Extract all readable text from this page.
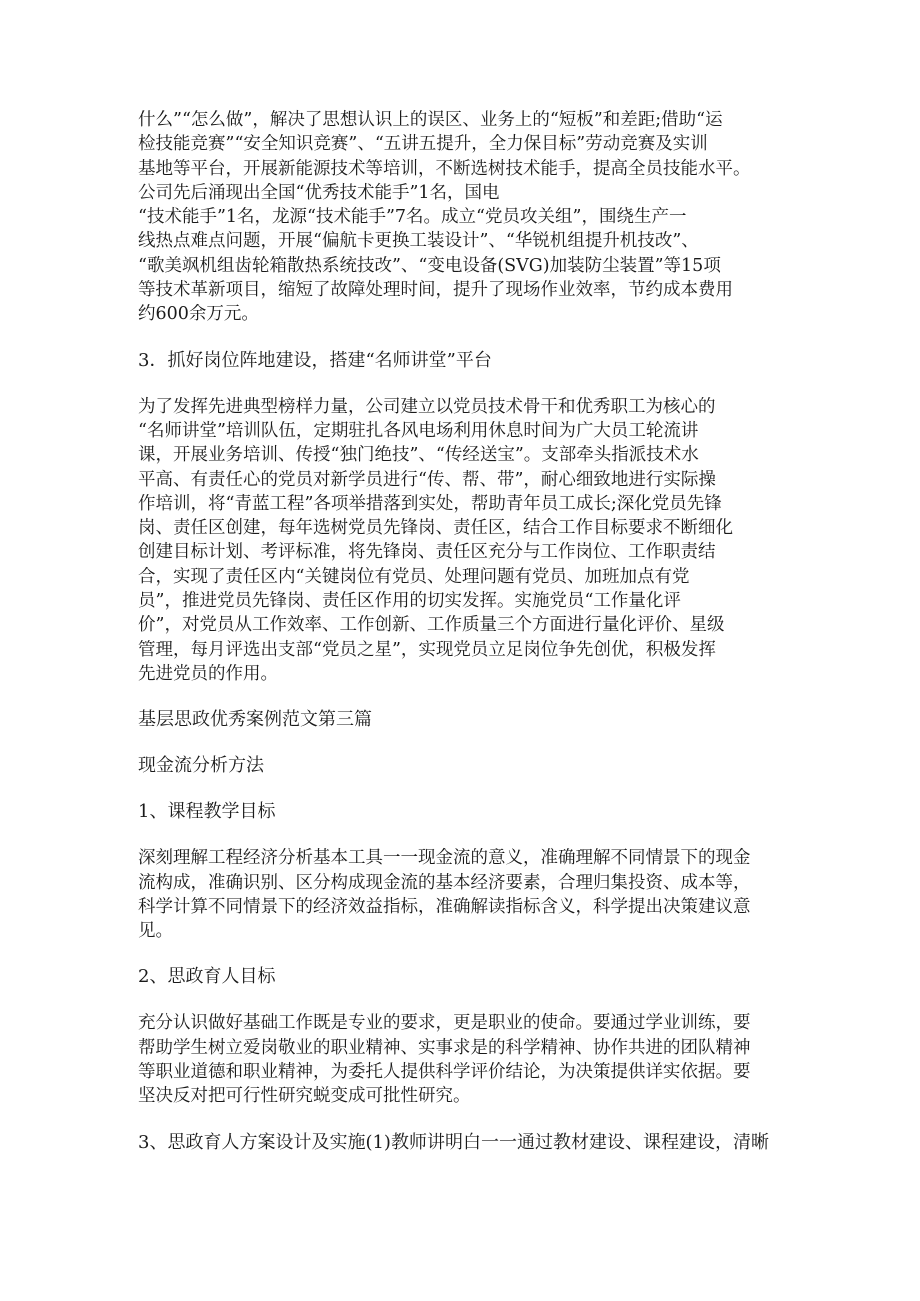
什么”“怎么做”，解决了思想认识上的误区、业务上的“短板”和差距;借助“运
检技能竞赛”“安全知识竞赛”、“五讲五提升，全力保目标”劳动竞赛及实训
基地等平台，开展新能源技术等培训，不断选树技术能手，提高全员技能水平。
公司先后涌现出全国“优秀技术能手”1名，国电
“技术能手”1名，龙源“技术能手”7名。成立“党员攻关组”，围绕生产一
线热点难点问题，开展“偏航卡更换工装设计”、“华锐机组提升机技改”、
“歌美飒机组齿轮箱散热系统技改”、“变电设备(SVG)加装防尘装置”等15项
等技术革新项目，缩短了故障处理时间，提升了现场作业效率，节约成本费用
约600余万元。

3．抓好岗位阵地建设，搭建“名师讲堂”平台

为了发挥先进典型榜样力量，公司建立以党员技术骨干和优秀职工为核心的
“名师讲堂”培训队伍，定期驻扎各风电场利用休息时间为广大员工轮流讲
课，开展业务培训、传授“独门绝技”、“传经送宝”。支部牵头指派技术水
平高、有责任心的党员对新学员进行“传、帮、带”，耐心细致地进行实际操
作培训，将“青蓝工程”各项举措落到实处，帮助青年员工成长;深化党员先锋
岗、责任区创建，每年选树党员先锋岗、责任区，结合工作目标要求不断细化
创建目标计划、考评标准，将先锋岗、责任区充分与工作岗位、工作职责结
合，实现了责任区内“关键岗位有党员、处理问题有党员、加班加点有党
员”，推进党员先锋岗、责任区作用的切实发挥。实施党员“工作量化评
价”，对党员从工作效率、工作创新、工作质量三个方面进行量化评价、星级
管理，每月评选出支部“党员之星”，实现党员立足岗位争先创优，积极发挥
先进党员的作用。

基层思政优秀案例范文第三篇

现金流分析方法

1、课程教学目标

深刻理解工程经济分析基本工具一一现金流的意义，准确理解不同情景下的现金
流构成，准确识别、区分构成现金流的基本经济要素，合理归集投资、成本等，
科学计算不同情景下的经济效益指标，准确解读指标含义，科学提出决策建议意
见。

2、思政育人目标

充分认识做好基础工作既是专业的要求，更是职业的使命。要通过学业训练，要
帮助学生树立爱岗敬业的职业精神、实事求是的科学精神、协作共进的团队精神
等职业道德和职业精神，为委托人提供科学评价结论，为决策提供详实依据。要
坚决反对把可行性研究蜕变成可批性研究。

3、思政育人方案设计及实施(1)教师讲明白一一通过教材建设、课程建设，清晰
